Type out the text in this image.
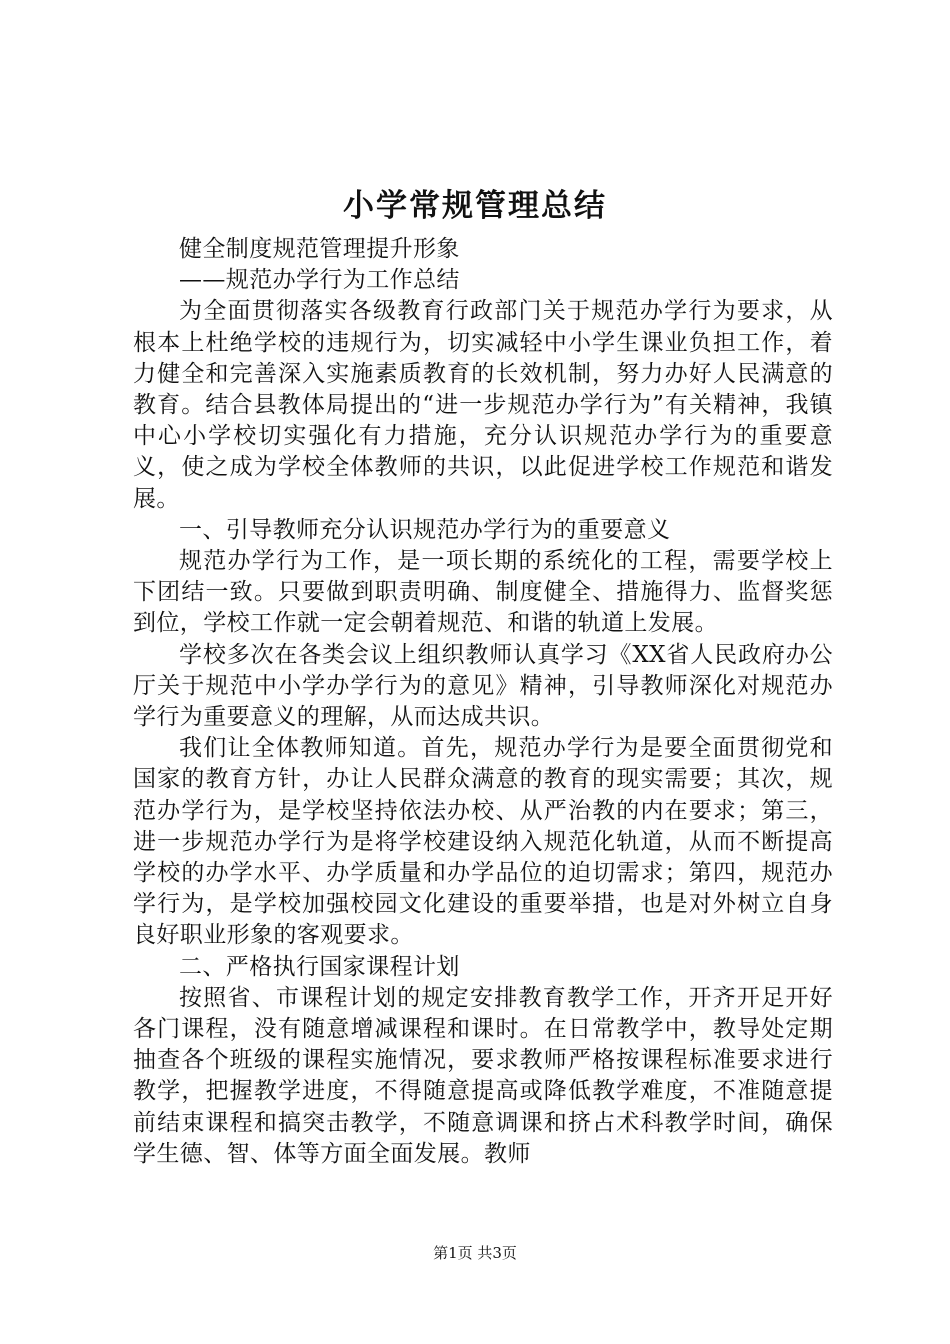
小学常规管理总结

健全制度规范管理提升形象

——规范办学行为工作总结

为全面贯彻落实各级教育行政部门关于规范办学行为要求，从根本上杜绝学校的违规行为，切实减轻中小学生课业负担工作，着力健全和完善深入实施素质教育的长效机制，努力办好人民满意的教育。结合县教体局提出的“进一步规范办学行为”有关精神，我镇中心小学校切实强化有力措施，充分认识规范办学行为的重要意义，使之成为学校全体教师的共识，以此促进学校工作规范和谐发展。

一、引导教师充分认识规范办学行为的重要意义

规范办学行为工作，是一项长期的系统化的工程，需要学校上下团结一致。只要做到职责明确、制度健全、措施得力、监督奖惩到位，学校工作就一定会朝着规范、和谐的轨道上发展。

学校多次在各类会议上组织教师认真学习《XX省人民政府办公厅关于规范中小学办学行为的意见》精神，引导教师深化对规范办学行为重要意义的理解，从而达成共识。

我们让全体教师知道。首先，规范办学行为是要全面贯彻党和国家的教育方针，办让人民群众满意的教育的现实需要；其次，规范办学行为，是学校坚持依法办校、从严治教的内在要求；第三，进一步规范办学行为是将学校建设纳入规范化轨道，从而不断提高学校的办学水平、办学质量和办学品位的迫切需求；第四，规范办学行为，是学校加强校园文化建设的重要举措，也是对外树立自身良好职业形象的客观要求。

二、严格执行国家课程计划

按照省、市课程计划的规定安排教育教学工作，开齐开足开好各门课程，没有随意增减课程和课时。在日常教学中，教导处定期抽查各个班级的课程实施情况，要求教师严格按课程标准要求进行教学，把握教学进度，不得随意提高或降低教学难度，不准随意提前结束课程和搞突击教学，不随意调课和挤占术科教学时间，确保学生德、智、体等方面全面发展。教师

第1页 共3页
